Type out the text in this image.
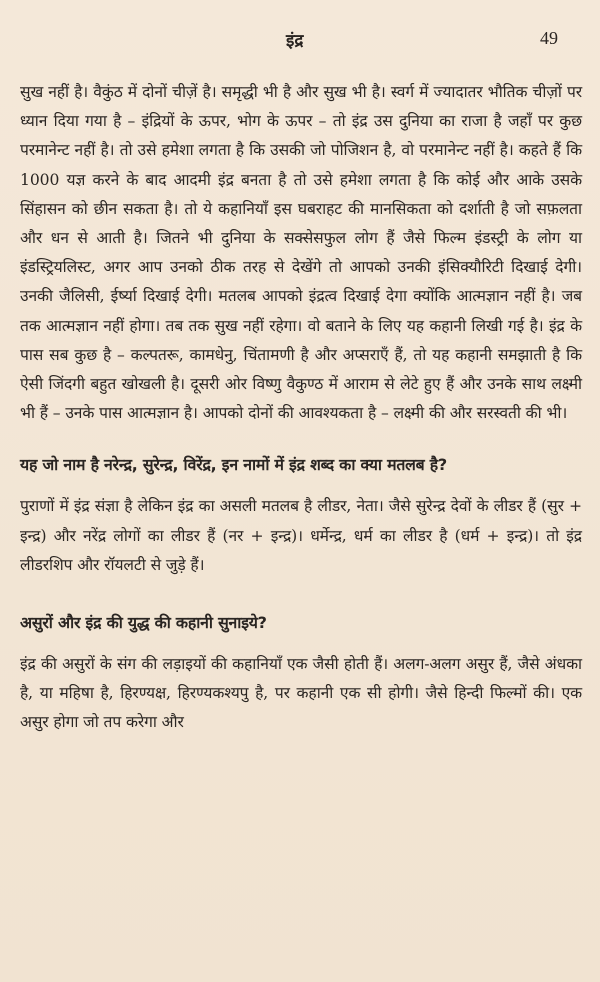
इंद्र	49

सुख नहीं है। वैकुंठ में दोनों चीज़ें है। समृद्धी भी है और सुख भी है। स्वर्ग में ज्यादातर भौतिक चीज़ों पर ध्यान दिया गया है – इंद्रियों के ऊपर, भोग के ऊपर – तो इंद्र उस दुनिया का राजा है जहाँ पर कुछ परमानेन्ट नहीं है। तो उसे हमेशा लगता है कि उसकी जो पोजिशन है, वो परमानेन्ट नहीं है। कहते हैं कि 1000 यज्ञ करने के बाद आदमी इंद्र बनता है तो उसे हमेशा लगता है कि कोई और आके उसके सिंहासन को छीन सकता है। तो ये कहानियाँ इस घबराहट की मानसिकता को दर्शाती है जो सफ़लता और धन से आती है। जितने भी दुनिया के सक्सेसफुल लोग हैं जैसे फिल्म इंडस्ट्री के लोग या इंडस्ट्रियलिस्ट, अगर आप उनको ठीक तरह से देखेंगे तो आपको उनकी इंसिक्यौरिटी दिखाई देगी। उनकी जैलिसी, ईर्ष्या दिखाई देगी। मतलब आपको इंद्रत्व दिखाई देगा क्योंकि आत्मज्ञान नहीं है। जब तक आत्मज्ञान नहीं होगा। तब तक सुख नहीं रहेगा। वो बताने के लिए यह कहानी लिखी गई है। इंद्र के पास सब कुछ है – कल्पतरू, कामधेनु, चिंतामणी है और अप्सराएँ हैं, तो यह कहानी समझाती है कि ऐसी जिंदगी बहुत खोखली है। दूसरी ओर विष्णु वैकुण्ठ में आराम से लेटे हुए हैं और उनके साथ लक्ष्मी भी हैं – उनके पास आत्मज्ञान है। आपको दोनों की आवश्यकता है – लक्ष्मी की और सरस्वती की भी।

यह जो नाम है नरेन्द्र, सुरेन्द्र, विरेंद्र, इन नामों में इंद्र शब्द का क्या मतलब है?

पुराणों में इंद्र संज्ञा है लेकिन इंद्र का असली मतलब है लीडर, नेता। जैसे सुरेन्द्र देवों के लीडर हैं (सुर + इन्द्र) और नरेंद्र लोगों का लीडर हैं (नर + इन्द्र)। धर्मेन्द्र, धर्म का लीडर है (धर्म + इन्द्र)। तो इंद्र लीडरशिप और रॉयलटी से जुड़े हैं।

असुरों और इंद्र की युद्ध की कहानी सुनाइये?

इंद्र की असुरों के संग की लड़ाइयों की कहानियाँ एक जैसी होती हैं। अलग-अलग असुर हैं, जैसे अंधका है, या महिषा है, हिरण्यक्ष, हिरण्यकश्यपु है, पर कहानी एक सी होगी। जैसे हिन्दी फिल्मों की। एक असुर होगा जो तप करेगा और
